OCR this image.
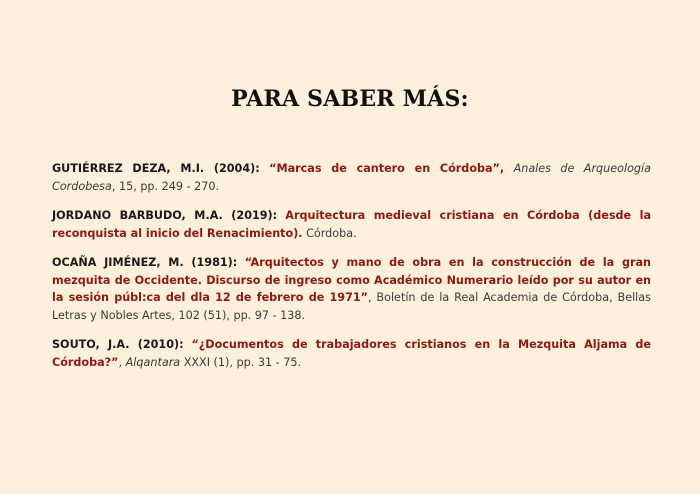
PARA SABER MÁS:

GUTIÉRREZ DEZA, M.I. (2004): “Marcas de cantero en Córdoba”, Anales de Arqueología Cordobesa, 15, pp. 249 - 270.

JORDANO BARBUDO, M.A. (2019): Arquitectura medieval cristiana en Córdoba (desde la reconquista al inicio del Renacimiento). Córdoba.

OCAÑA JIMÉNEZ, M. (1981): “Arquitectos y mano de obra en la construcción de la gran mezquita de Occidente. Discurso de ingreso como Académico Numerario leído por su autor en la sesión públ:ca del dla 12 de febrero de 1971”, Boletín de la Real Academia de Córdoba, Bellas Letras y Nobles Artes, 102 (51), pp. 97 - 138.

SOUTO, J.A. (2010): “¿Documentos de trabajadores cristianos en la Mezquita Aljama de Córdoba?”, Alqantara XXXI (1), pp. 31 - 75.
